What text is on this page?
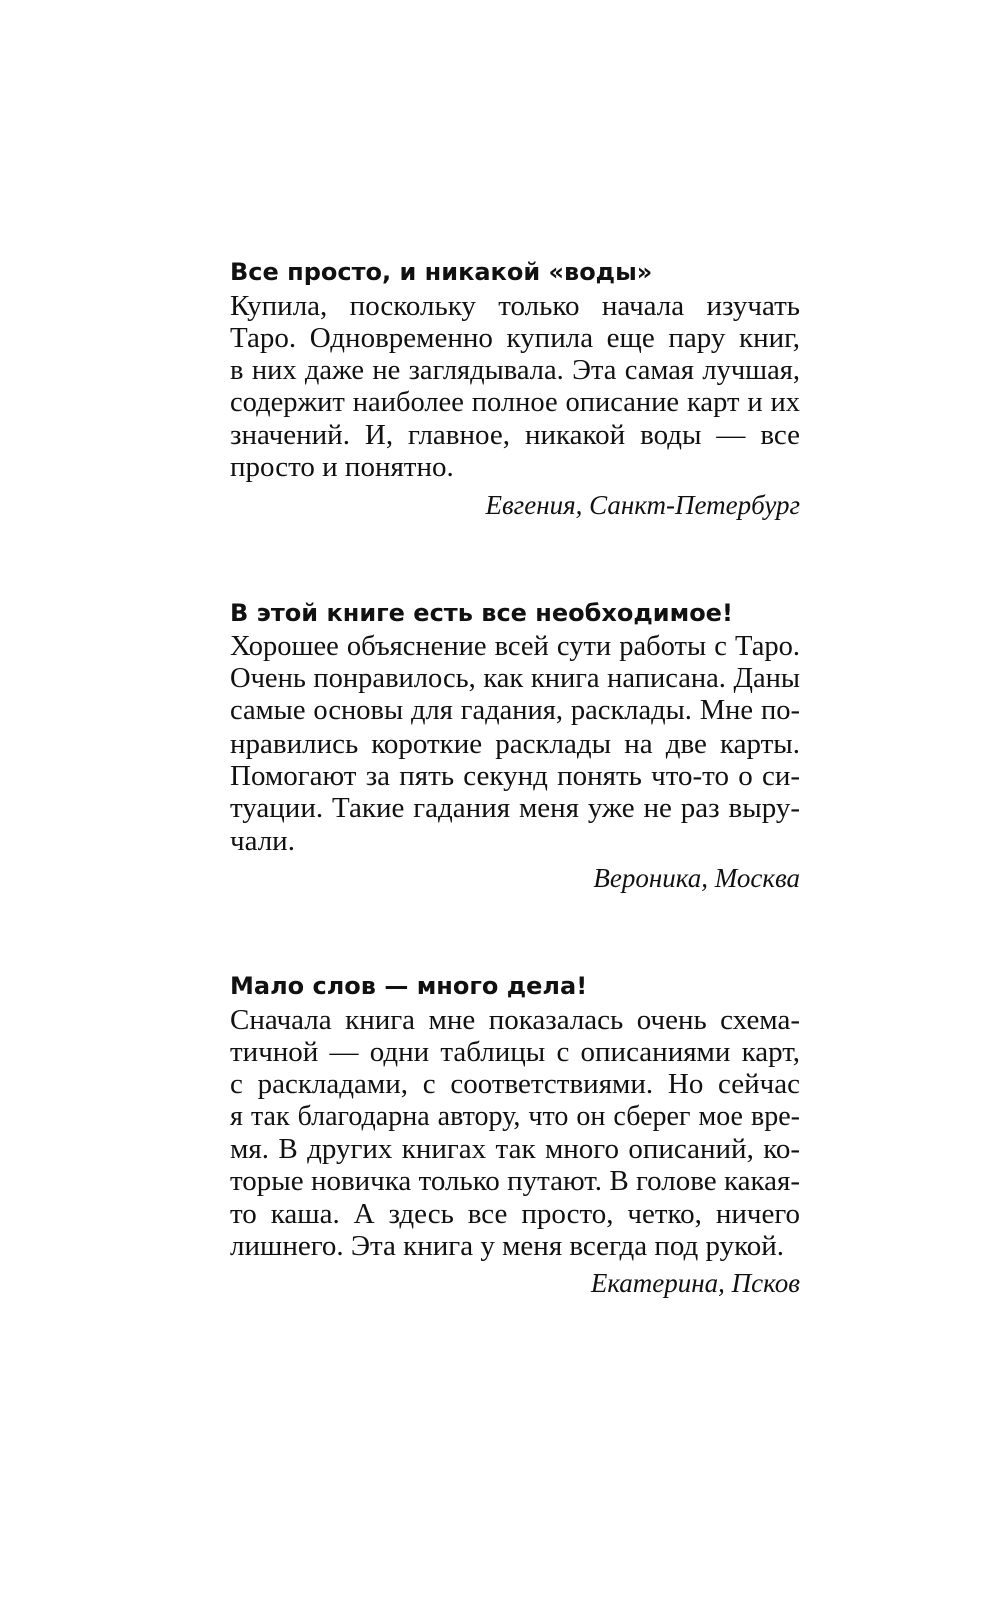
Все просто, и никакой «воды»
Купила, поскольку только начала изучать
Таро. Одновременно купила еще пару книг,
в них даже не заглядывала. Эта самая лучшая,
содержит наиболее полное описание карт и их
значений. И, главное, никакой воды — все
просто и понятно.
Евгения, Санкт-Петербург
В этой книге есть все необходимое!
Хорошее объяснение всей сути работы с Таро.
Очень понравилось, как книга написана. Даны
самые основы для гадания, расклады. Мне по-
нравились короткие расклады на две карты.
Помогают за пять секунд понять что-то о си-
туации. Такие гадания меня уже не раз выру-
чали.
Вероника, Москва
Мало слов — много дела!
Сначала книга мне показалась очень схема-
тичной — одни таблицы с описаниями карт,
с раскладами, с соответствиями. Но сейчас
я так благодарна автору, что он сберег мое вре-
мя. В других книгах так много описаний, ко-
торые новичка только путают. В голове какая-
то каша. А здесь все просто, четко, ничего
лишнего. Эта книга у меня всегда под рукой.
Екатерина, Псков
